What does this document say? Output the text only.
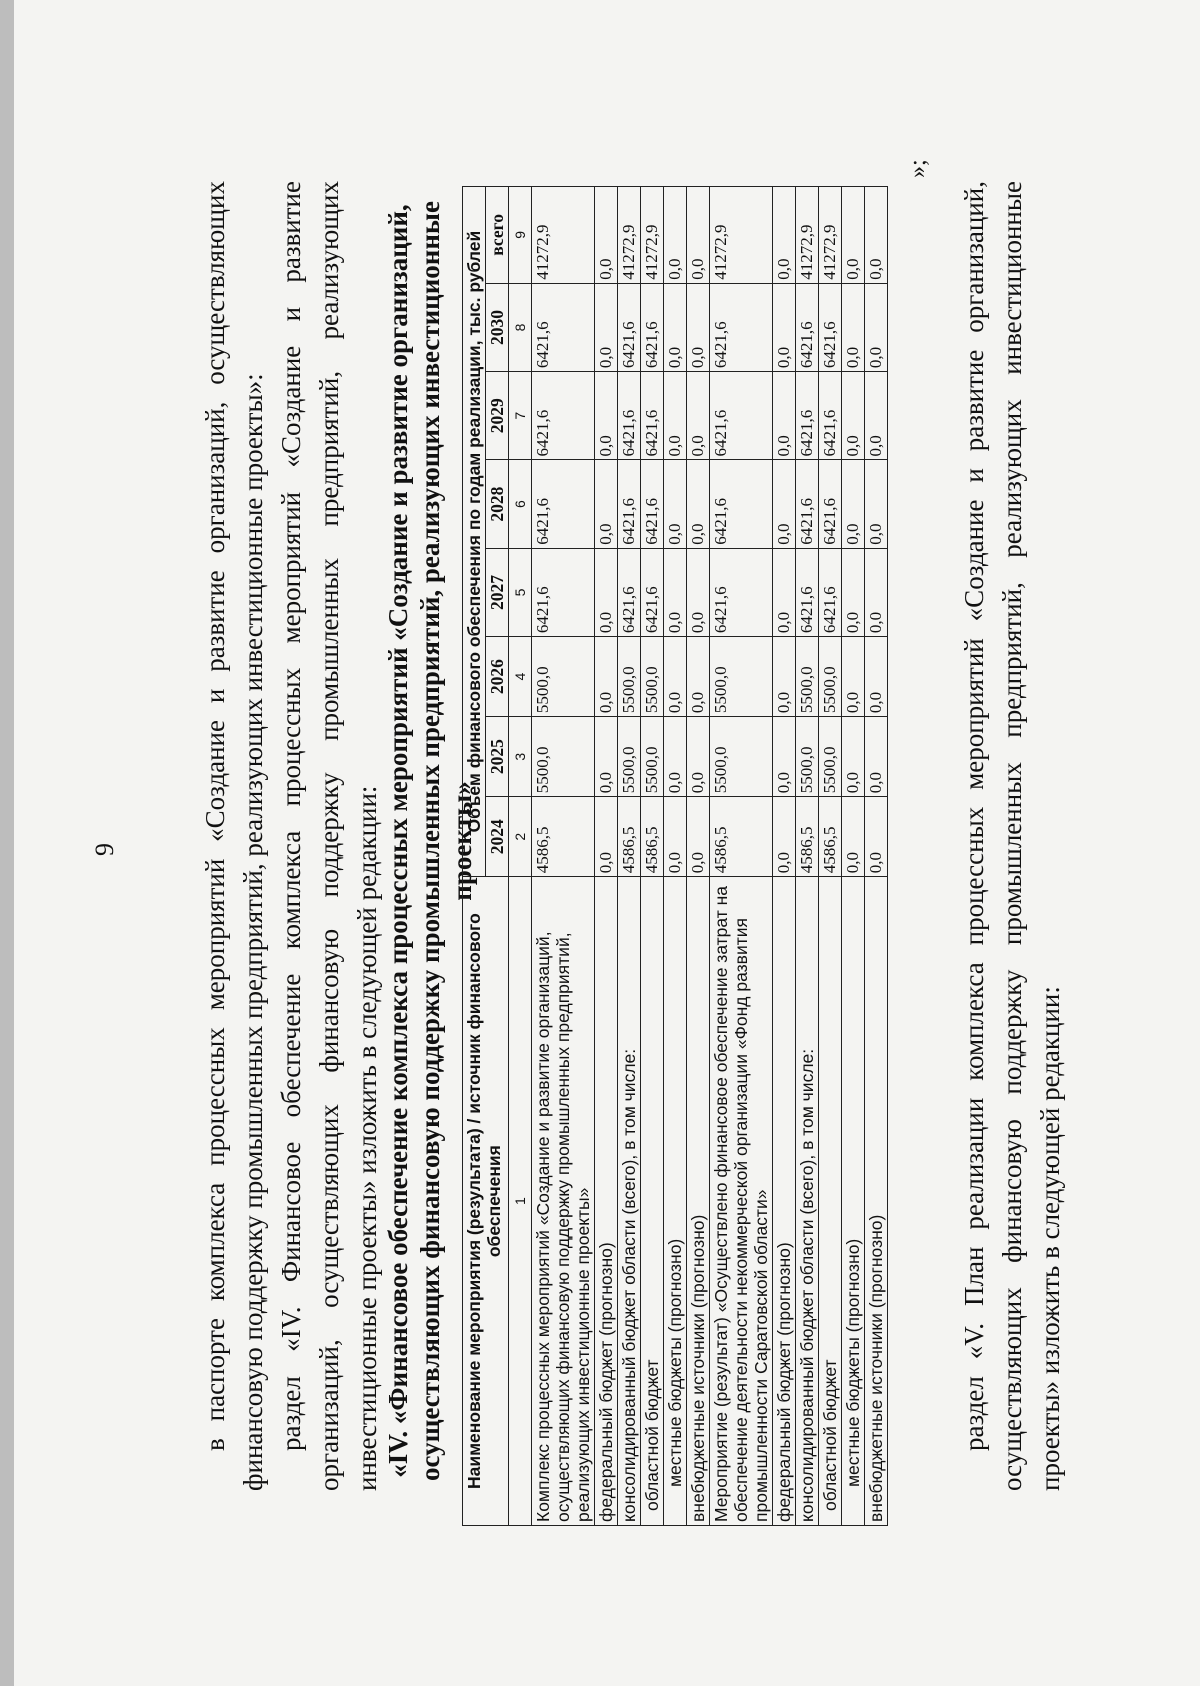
9	в паспорте комплекса процессных мероприятий «Создание и развитие организаций, осуществляющих финансовую поддержку промышленных предприятий, реализующих инвестиционные проекты»: раздел «IV. Финансовое обеспечение комплекса процессных мероприятий «Создание и развитие организаций, осуществляющих финансовую поддержку промышленных предприятий, реализующих инвестиционные проекты» изложить в следующей редакции: «IV. «Финансовое обеспечение комплекса процессных мероприятий «Создание и развитие организаций, осуществляющих финансовую поддержку промышленных предприятий, реализующих инвестиционные проекты»
Наименование мероприятия (результата) / источник финансового обеспечения	Объем финансового обеспечения по годам реализации, тыс. рублей							
	2024	2025	2026	2027	2028	2029	2030	всего
1	2	3	4	5	6	7	8	9
Комплекс процессных мероприятий «Создание и развитие организаций, осуществляющих финансовую поддержку промышленных предприятий, реализующих инвестиционные проекты»	4586,5	5500,0	5500,0	6421,6	6421,6	6421,6	6421,6	41272,9
федеральный бюджет (прогнозно)	0,0	0,0	0,0	0,0	0,0	0,0	0,0	0,0
консолидированный бюджет области (всего), в том числе:	4586,5	5500,0	5500,0	6421,6	6421,6	6421,6	6421,6	41272,9
областной бюджет	4586,5	5500,0	5500,0	6421,6	6421,6	6421,6	6421,6	41272,9
местные бюджеты (прогнозно)	0,0	0,0	0,0	0,0	0,0	0,0	0,0	0,0
внебюджетные источники (прогнозно)	0,0	0,0	0,0	0,0	0,0	0,0	0,0	0,0
Мероприятие (результат) «Осуществлено финансовое обеспечение затрат на обеспечение деятельности некоммерческой организации «Фонд развития промышленности Саратовской области»	4586,5	5500,0	5500,0	6421,6	6421,6	6421,6	6421,6	41272,9
федеральный бюджет (прогнозно)	0,0	0,0	0,0	0,0	0,0	0,0	0,0	0,0
консолидированный бюджет области (всего), в том числе:	4586,5	5500,0	5500,0	6421,6	6421,6	6421,6	6421,6	41272,9
областной бюджет	4586,5	5500,0	5500,0	6421,6	6421,6	6421,6	6421,6	41272,9
местные бюджеты (прогнозно)	0,0	0,0	0,0	0,0	0,0	0,0	0,0	0,0
внебюджетные источники (прогнозно)	0,0	0,0	0,0	0,0	0,0	0,0	0,0	0,0
»;

раздел «V. План реализации комплекса процессных мероприятий «Создание и развитие организаций, осуществляющих финансовую поддержку промышленных предприятий, реализующих инвестиционные проекты» изложить в следующей редакции:
